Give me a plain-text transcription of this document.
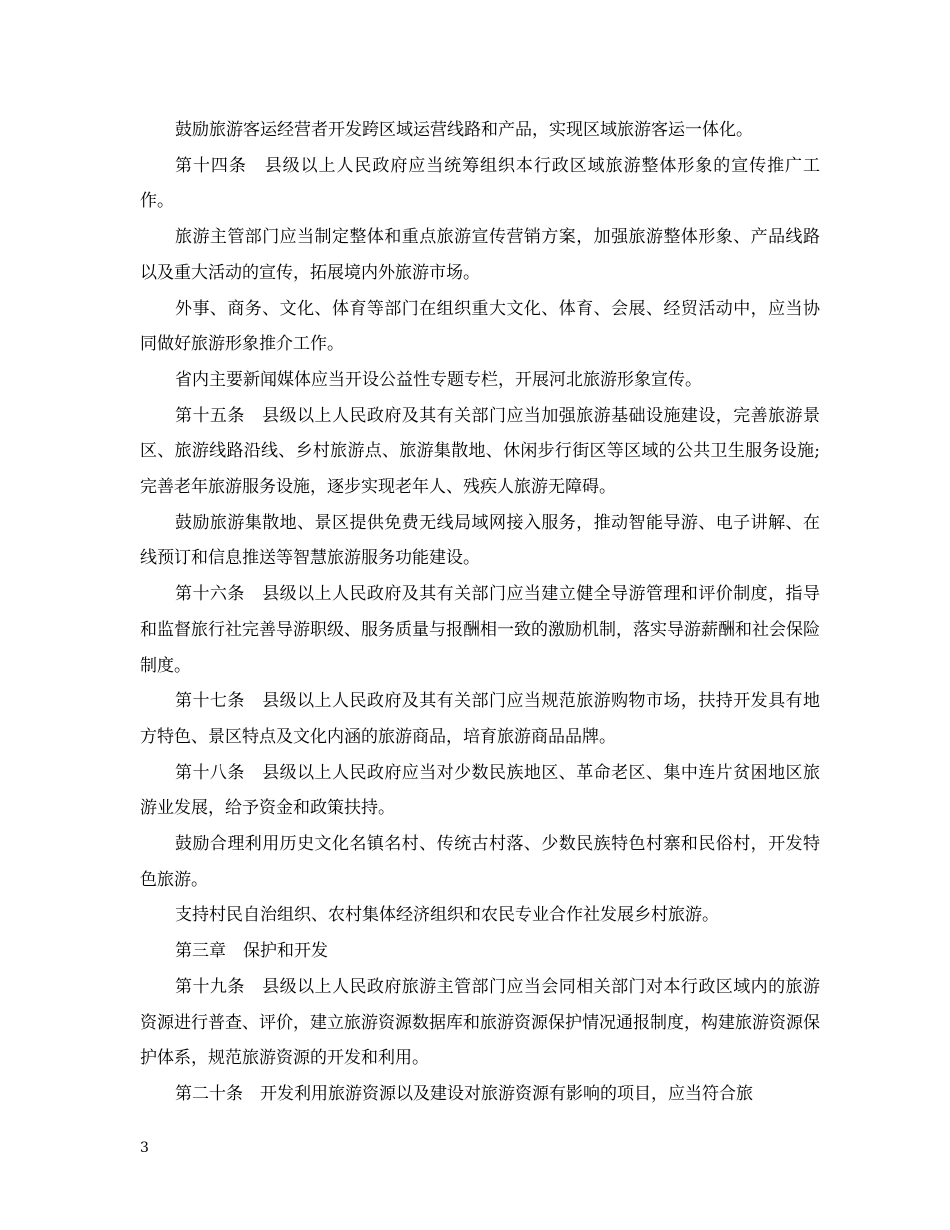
鼓励旅游客运经营者开发跨区域运营线路和产品，实现区域旅游客运一体化。

第十四条　县级以上人民政府应当统筹组织本行政区域旅游整体形象的宣传推广工作。

旅游主管部门应当制定整体和重点旅游宣传营销方案，加强旅游整体形象、产品线路以及重大活动的宣传，拓展境内外旅游市场。

外事、商务、文化、体育等部门在组织重大文化、体育、会展、经贸活动中，应当协同做好旅游形象推介工作。

省内主要新闻媒体应当开设公益性专题专栏，开展河北旅游形象宣传。

第十五条　县级以上人民政府及其有关部门应当加强旅游基础设施建设，完善旅游景区、旅游线路沿线、乡村旅游点、旅游集散地、休闲步行街区等区域的公共卫生服务设施;完善老年旅游服务设施，逐步实现老年人、残疾人旅游无障碍。

鼓励旅游集散地、景区提供免费无线局域网接入服务，推动智能导游、电子讲解、在线预订和信息推送等智慧旅游服务功能建设。

第十六条　县级以上人民政府及其有关部门应当建立健全导游管理和评价制度，指导和监督旅行社完善导游职级、服务质量与报酬相一致的激励机制，落实导游薪酬和社会保险制度。

第十七条　县级以上人民政府及其有关部门应当规范旅游购物市场，扶持开发具有地方特色、景区特点及文化内涵的旅游商品，培育旅游商品品牌。

第十八条　县级以上人民政府应当对少数民族地区、革命老区、集中连片贫困地区旅游业发展，给予资金和政策扶持。

鼓励合理利用历史文化名镇名村、传统古村落、少数民族特色村寨和民俗村，开发特色旅游。

支持村民自治组织、农村集体经济组织和农民专业合作社发展乡村旅游。

第三章　保护和开发

第十九条　县级以上人民政府旅游主管部门应当会同相关部门对本行政区域内的旅游资源进行普查、评价，建立旅游资源数据库和旅游资源保护情况通报制度，构建旅游资源保护体系，规范旅游资源的开发和利用。

第二十条　开发利用旅游资源以及建设对旅游资源有影响的项目，应当符合旅

3
